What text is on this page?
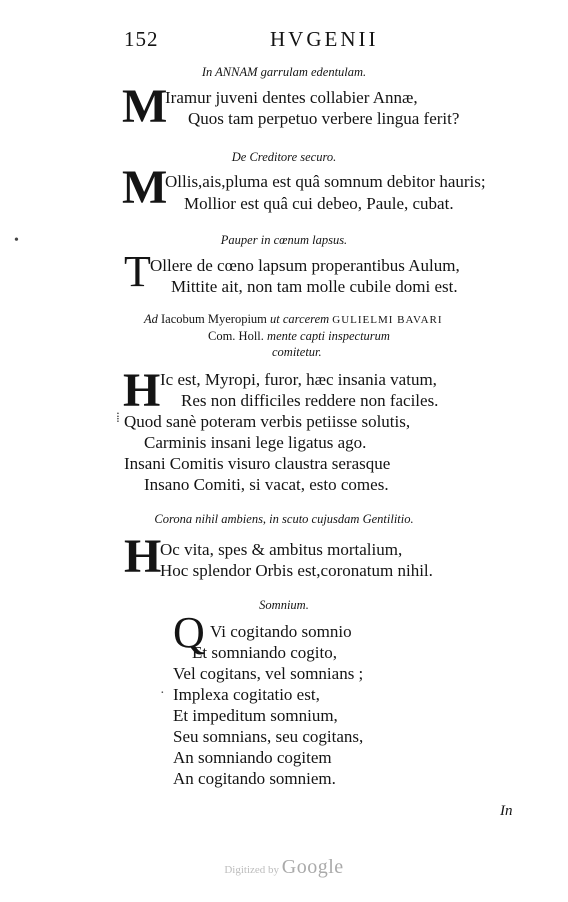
152	HVGENII
In ANNAM garrulam edentulam.
M
Iramur juveni dentes collabier Annæ,
Quos tam perpetuo verbere lingua ferit?
De Creditore securo.
M
Ollis,ais,pluma est quâ somnum debitor hauris;
Mollior est quâ cui debeo, Paule, cubat.
•	Pauper in cœnum lapsus.
T Ollere de cœno lapsum properantibus Aulum,
Mittite ait, non tam molle cubile domi est.
Ad Iacobum Myeropium ut carcerem GULIELMI BAVARI
Com. Holl. mente capti inspecturum
comitetur.
H Ic est, Myropi, furor, hæc insania vatum,
Res non difficiles reddere non faciles.
⁞ Quod sanè poteram verbis petiisse solutis,
Carminis insani lege ligatus ago.
Insani Comitis visuro claustra serasque
Insano Comiti, si vacat, esto comes.
Corona nihil ambiens, in scuto cujusdam Gentilitio.
H
Oc vita, spes & ambitus mortalium,
Hoc splendor Orbis est,coronatum nihil.
Somnium.
Q Vi cogitando somnio
Et somniando cogito,
Vel cogitans, vel somnians ;
· Implexa cogitatio est,
Et impeditum somnium,
Seu somnians, seu cogitans,
An somniando cogitem
An cogitando somniem.
In
Digitized by Google
